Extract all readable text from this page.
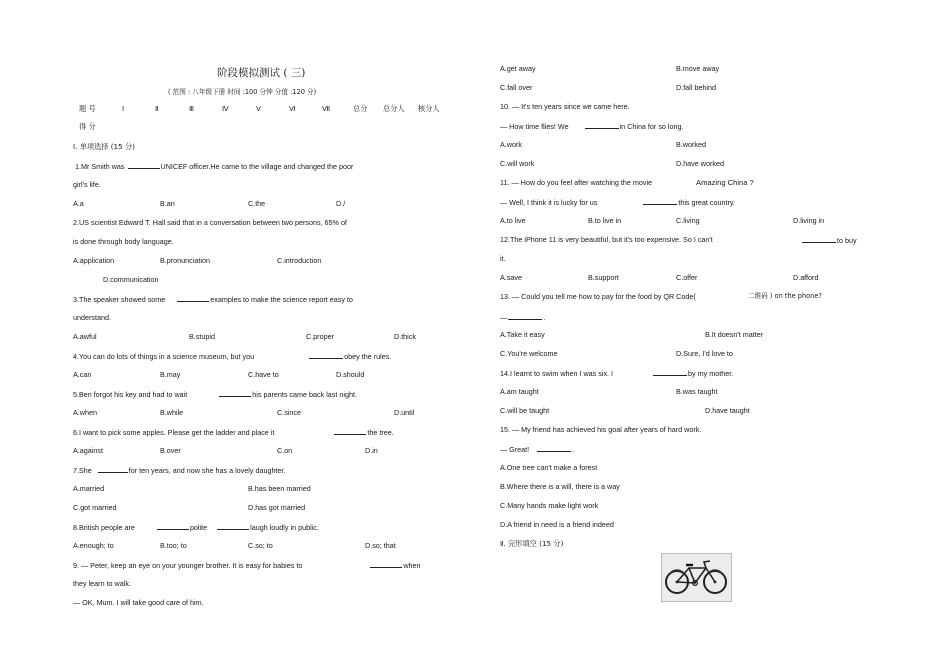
阶段模拟测试 ( 三)
( 范围 : 八年级下册 时间 :100 分钟 分值 :120 分)
题 号	Ⅰ	Ⅱ	Ⅲ	Ⅳ	Ⅴ	Ⅵ	Ⅶ	总分 总分人 核分人
得 分
Ⅰ. 单项选择 (15 分)
1.Mr Smith was	UNICEF officer.He came to the village and changed the poor
girl's life.
A.a	B.an	C.the	D./
2.US scientist Edward T. Hall said that in a conversation between two persons, 65% of
is done through body language.
A.application	B.pronunciation	C.introduction
D.communication
3.The speaker showed some	examples to make the science report easy to
understand.
A.awful	B.stupid	C.proper	D.thick
4.You can do lots of things in a science museum, but you	obey the rules.
A.can	B.may	C.have to	D.should
5.Ben forgot his key and had to wait	his parents came back last night.
A.when	B.while	C.since	D.until
6.I want to pick some apples. Please get the ladder and place it	the tree.
A.against	B.over	C.on	D.in
7.She	for ten years, and now she has a lovely daughter.
A.married	B.has been married
C.got married	D.has got married
8.British people are	polite	laugh loudly in public.
A.enough; to	B.too; to	C.so; to	D.so; that
9. — Peter, keep an eye on your younger brother. It is easy for babies to	when
they learn to walk.
— OK, Mum. I will take good care of him.
A.get away	B.move away
C.fall over	D.fall behind
10. — It's ten years since we came here.
— How time flies! We	in China for so long.
A.work	B.worked
C.will work	D.have worked
11. — How do you feel after watching the movie	Amazing China ?
— Well, I think it is lucky for us	this great country.
A.to live	B.to live in	C.living	D.living in
12.The iPhone 11 is very beautiful, but it's too expensive. So I can't	to buy
it.
A.save	B.support	C.offer	D.afford
13. — Could you tell me how to pay for the food by QR Code(	二维码 ) on the phone?
—	.
A.Take it easy	B.It doesn't matter
C.You're welcome	D.Sure, I'd love to
14.I learnt to swim when I was six. I	by my mother.
A.am taught	B.was taught
C.will be taught	D.have taught
15. — My friend has achieved his goal after years of hard work.
— Great!	.
A.One tree can't make a forest
B.Where there is a will, there is a way
C.Many hands make light work
D.A friend in need is a friend indeed
Ⅱ. 完形填空 (15 分)
